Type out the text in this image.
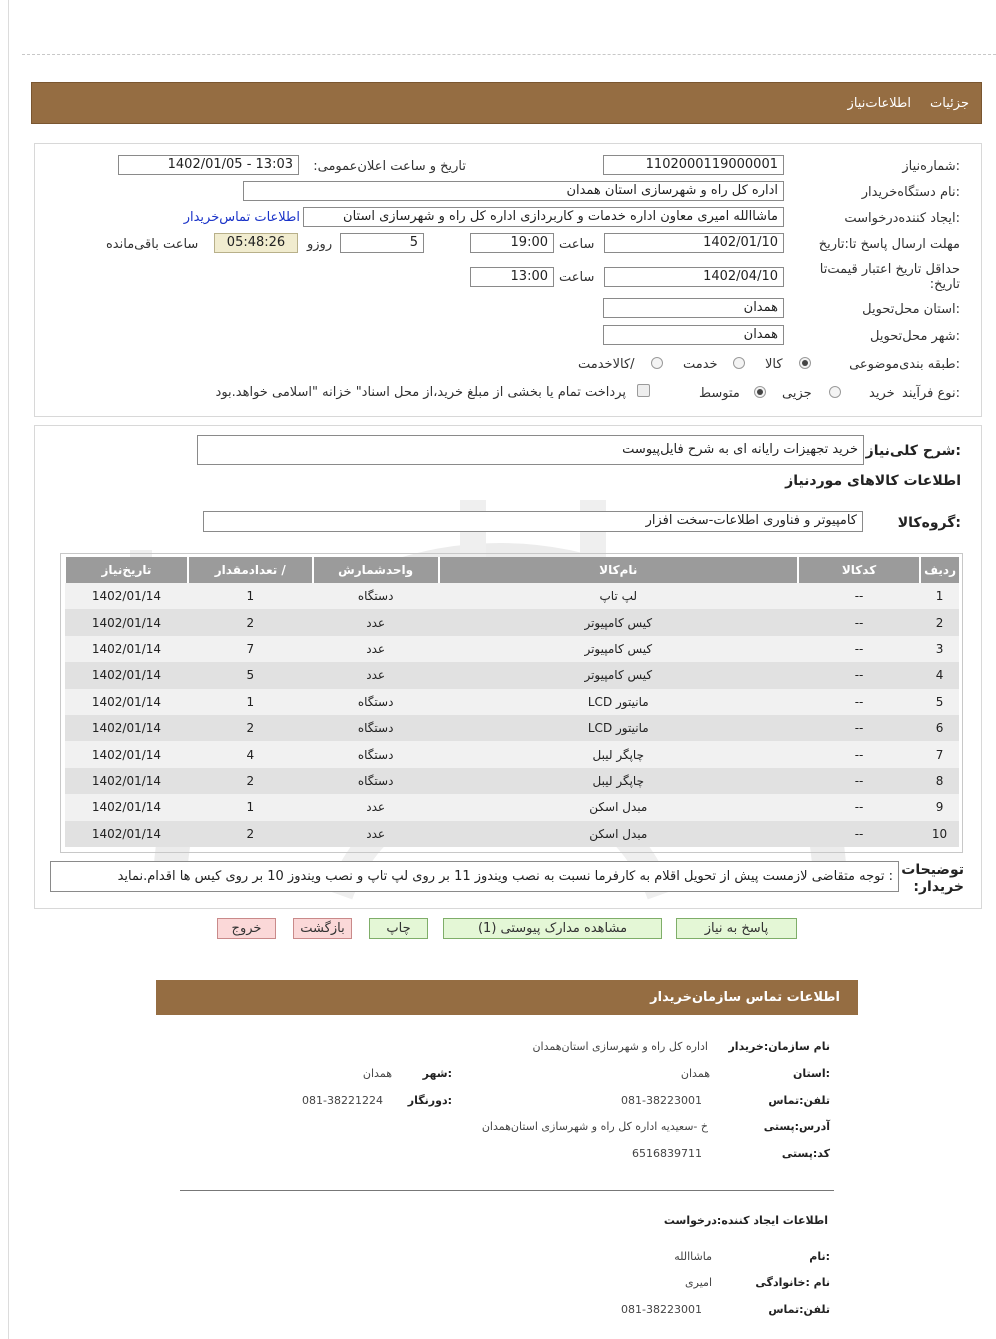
جزئیات
اطلاعات‌نیاز
شماره‌نیاز:
1102000119000001
تاریخ و ساعت اعلان‌عمومی:
1402/01/05 - 13:03
نام دستگاه‌خریدار:
اداره کل راه و شهرسازی استان همدان
ایجاد کننده‌درخواست:
ماشاالله امیری معاون اداره خدمات و کاربردازی اداره کل راه و شهرسازی استان
اطلاعات تماس‌خریدار
مهلت ارسال پاسخ تا:تاریخ
1402/01/10
ساعت
19:00
5
روزو
05:48:26
ساعت باقی‌مانده
حداقل تاریخ اعتبار قیمت‌تا تاریخ:
1402/04/10
ساعت
13:00
استان محل‌تحویل:
همدان
شهر محل‌تحویل:
همدان
طبقه بندی‌موضوعی:
کالا
خدمت
کالا‌خدمت/
نوع فرآیند:
خرید
جزیی
متوسط
پرداخت تمام یا بخشی از مبلغ خرید،از محل اسناد" خزانه "اسلامی خواهد.بود
شرح کلی‌نیاز:
خرید تجهیزات رایانه ای به شرح فایل‌پیوست
اطلاعات کالاهای موردنیاز
گروه‌کالا:
کامپیوتر و فناوری اطلاعات-سخت افزار
ردیف	کدکالا	نام‌کالا	واحدشمارش	/ تعدادمقدار	تاریخ‌نیاز
1	--	لپ تاپ	دستگاه	1	1402/01/14
2	--	کیس کامپیوتر	عدد	2	1402/01/14
3	--	کیس کامپیوتر	عدد	7	1402/01/14
4	--	کیس کامپیوتر	عدد	5	1402/01/14
5	--	مانیتور LCD	دستگاه	1	1402/01/14
6	--	مانیتور LCD	دستگاه	2	1402/01/14
7	--	چاپگر لیبل	دستگاه	4	1402/01/14
8	--	چاپگر لیبل	دستگاه	2	1402/01/14
9	--	مبدل اسکن	عدد	1	1402/01/14
10	--	مبدل اسکن	عدد	2	1402/01/14
توضیحات خریدار:
: توجه متقاضی لازمست پیش از تحویل اقلام به کارفرما نسبت به نصب ویندوز 11 بر روی لپ تاپ و نصب ویندوز 10 بر روی کیس ها اقدام.نماید
پاسخ به نیاز
مشاهده مدارک پیوستی (1)
چاپ
بازگشت
خروج
اطلاعات تماس سازمان‌خریدار
نام سازمان‌:خریدار
اداره کل راه و شهرسازی استان‌همدان
:استان
همدان
:شهر
همدان
تلفن‌:تماس
081-38223001
:دورنگار
081-38221224
آدرس‌:پستی
خ -سعیدیه اداره کل راه و شهرسازی استان‌همدان
کد‌:پستی
6516839711
اطلاعات ایجاد کننده‌:درخواست
:نام
ماشاالله
نام :خانوادگی
امیری
تلفن‌:تماس
081-38223001
